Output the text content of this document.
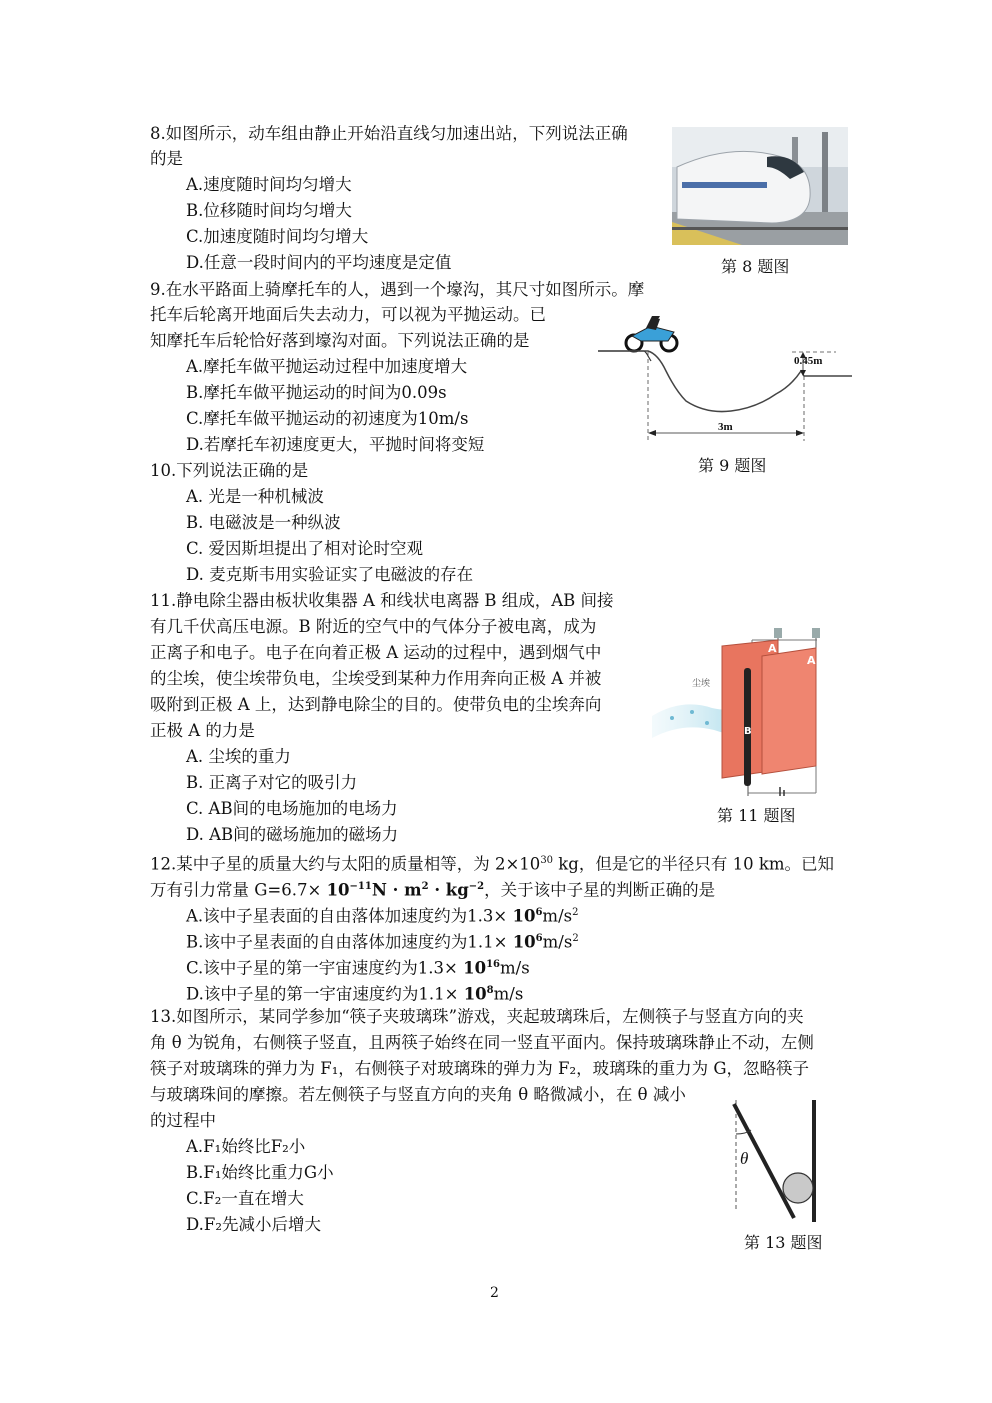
8.如图所示，动车组由静止开始沿直线匀加速出站，下列说法正确
的是
A.速度随时间均匀增大
B.位移随时间均匀增大
C.加速度随时间均匀增大
D.任意一段时间内的平均速度是定值	第 8 题图
9.在水平路面上骑摩托车的人，遇到一个壕沟，其尺寸如图所示。摩
托车后轮离开地面后失去动力，可以视为平抛运动。已
知摩托车后轮恰好落到壕沟对面。下列说法正确的是
A.摩托车做平抛运动过程中加速度增大
B.摩托车做平抛运动的时间为0.09s
C.摩托车做平抛运动的初速度为10m/s
D.若摩托车初速度更大，平抛时间将变短
0.45m
3m
第 9 题图
10.下列说法正确的是
A. 光是一种机械波
B. 电磁波是一种纵波
C. 爱因斯坦提出了相对论时空观
D. 麦克斯韦用实验证实了电磁波的存在
11.静电除尘器由板状收集器 A 和线状电离器 B 组成，AB 间接
有几千伏高压电源。B 附近的空气中的气体分子被电离，成为
正离子和电子。电子在向着正极 A 运动的过程中，遇到烟气中
的尘埃，使尘埃带负电，尘埃受到某种力作用奔向正极 A 并被
吸附到正极 A 上，达到静电除尘的目的。使带负电的尘埃奔向
正极 A 的力是
A. 尘埃的重力
B. 正离子对它的吸引力
C. AB间的电场施加的电场力
D. AB间的磁场施加的磁场力
尘埃
A
A
B
第 11 题图
12.某中子星的质量大约与太阳的质量相等，为 $2\times 10^{30}$ kg，但是它的半径只有 10 km。已知
万有引力常量 $G=6.7\times 10^{-11}N \cdot m^2 \cdot kg^{-2}$，关于该中子星的判断正确的是
A.该中子星表面的自由落体加速度约为$1.3\times 10^6m/s^2$
B.该中子星表面的自由落体加速度约为$1.1\times 10^6m/s^2$
C.该中子星的第一宇宙速度约为$1.3\times 10^{16}m/s$
D.该中子星的第一宇宙速度约为$1.1\times 10^8m/s$
13.如图所示，某同学参加“筷子夹玻璃珠”游戏，夹起玻璃珠后，左侧筷子与竖直方向的夹
角 θ 为锐角，右侧筷子竖直，且两筷子始终在同一竖直平面内。保持玻璃珠静止不动，左侧
筷子对玻璃珠的弹力为 F₁，右侧筷子对玻璃珠的弹力为 F₂，玻璃珠的重力为 G，忽略筷子
与玻璃珠间的摩擦。若左侧筷子与竖直方向的夹角 θ 略微减小，在 θ 减小
的过程中
A.F₁始终比F₂小
B.F₁始终比重力G小
C.F₂一直在增大
D.F₂先减小后增大
θ
第 13 题图
2
